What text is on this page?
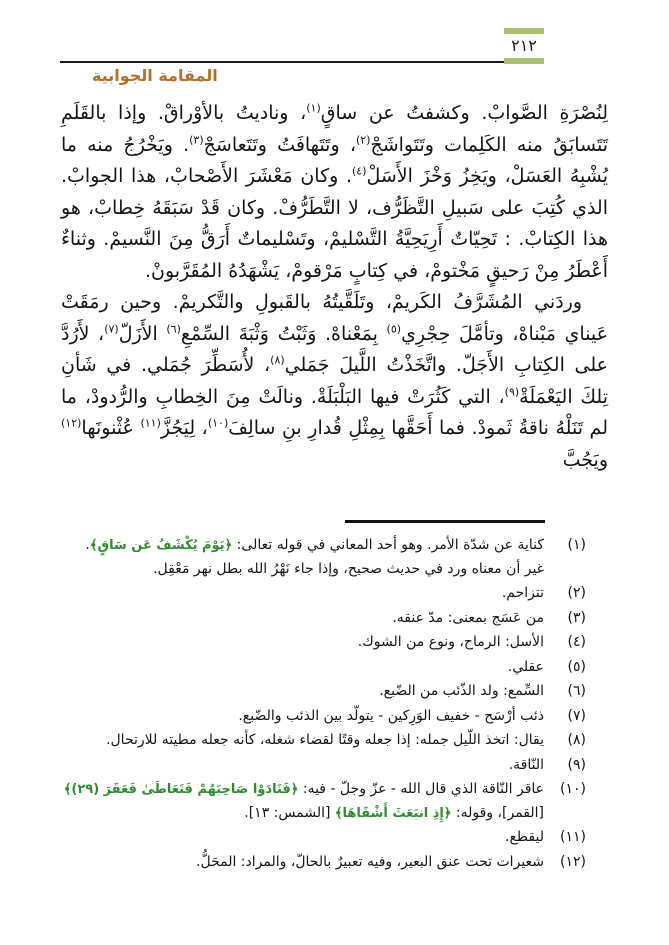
٢١٢
المقامة الجوابية

لِنُصْرَةِ الصَّوابْ. وكشفتُ عن ساقٍ$^{(١)}$، وناديتُ بالأوْراقْ. وإذا بالقَلَمِ تَتَسابَقُ منه الكَلِمات وتَتَواشَجْ$^{(٢)}$، وتَتَهافَتُ وتَتَعاسَجْ$^{(٣)}$. ويَخْرُجُ منه ما يُشْبِهُ العَسَلْ، ويَخِزُ وَخْزَ الأَسَلْ$^{(٤)}$. وكان مَعْشَرَ الأَصْحابْ، هذا الجوابْ. الذي كُتِبَ على سَبيلِ التَّظَرُّف، لا التَّطَرُّفْ. وكان قَدْ سَبَقَهُ خِطابْ، هو هذا الكِتابْ. : تَحِيّاتٌ أَرِيَحِيَّةُ التَّسْليمْ، وتَسْليماتٌ أَرَقُّ مِنَ النَّسيمْ. وثناءٌ أَعْطَرُ مِنْ رَحيقٍ مَخْتومْ، في كِتابٍ مَرْقومْ، يَشْهَدُهُ المُقَرَّبونْ.

وردَني المُشَرَّفُ الكَريمْ، وتَلَقَّيتُهُ بالقَبولِ والتَّكريمْ. وحين رمَقَتْ عَيناي مَبْناهْ، وتأمَّلَ حِجْرِي$^{(٥)}$ بِمَعْناهْ. وَثَبْتُ وَثْبَةَ السِّمْعِ$^{(٦)}$ الأَزَلّ$^{(٧)}$، لأَرُدَّ على الكِتابِ الأَجَلّ. واتَّخَذْتُ اللَّيلَ جَمَلي$^{(٨)}$، لأُسَطِّرَ جُمَلي. في شَأنِ تِلكَ اليَعْمَلَةْ$^{(٩)}$، التي كَثُرَتْ فيها البَلْبَلَةْ. ونالَتْ مِنَ الخِطابِ والرُّدودْ، ما لم تَنَلْهُ ناقةُ ثَمودْ. فما أَحَقَّها بِمِثْلِ قُدارِ بنِ سالِفَ$^{(١٠)}$، لِيَجُزَّ$^{(١١)}$ عُثْنونَها$^{(١٢)}$ ويَجُبَّ

(١)
كناية عن شدّة الأمر. وهو أحد المعاني في قوله تعالى: ﴿يَوْمَ يُكْشَفُ عَن سَاقٍ﴾. غير أن معناه ورد في حديث صحيح، وإذا جاء نَهْرُ الله بطل نهر مَعْقِل.
(٢)
تتزاحم.
(٣)
من عَسَج بمعنى: مدّ عنقه.
(٤)
الأسل: الرماح، ونوع من الشوك.
(٥)
عقلي.
(٦)
السِّمع: ولد الذّئب من الضّبع.
(٧)
ذئب أرْسَح - خفيف الوَرِكين - يتولّد بين الذئب والضّبع.
(٨)
يقال: اتخذ اللّيل جمله: إذا جعله وقتًا لقضاء شغله، كأنه جعله مطيته للارتحال.
(٩)
النّاقة.
(١٠)
عاقر النّاقة الذي قال الله - عزّ وجلّ - فيه: ﴿فَنَادَوْا صَاحِبَهُمْ فَتَعَاطَىٰ فَعَقَرَ (٢٩)﴾ [القمر]، وقوله: ﴿إِذِ انبَعَثَ أَشْقَاهَا﴾ [الشمس: ١٣].
(١١)
ليقطع.
(١٢)
شعيرات تحت عنق البعير، وفيه تعبيرٌ بالحالّ، والمراد: المحَلُّ.
